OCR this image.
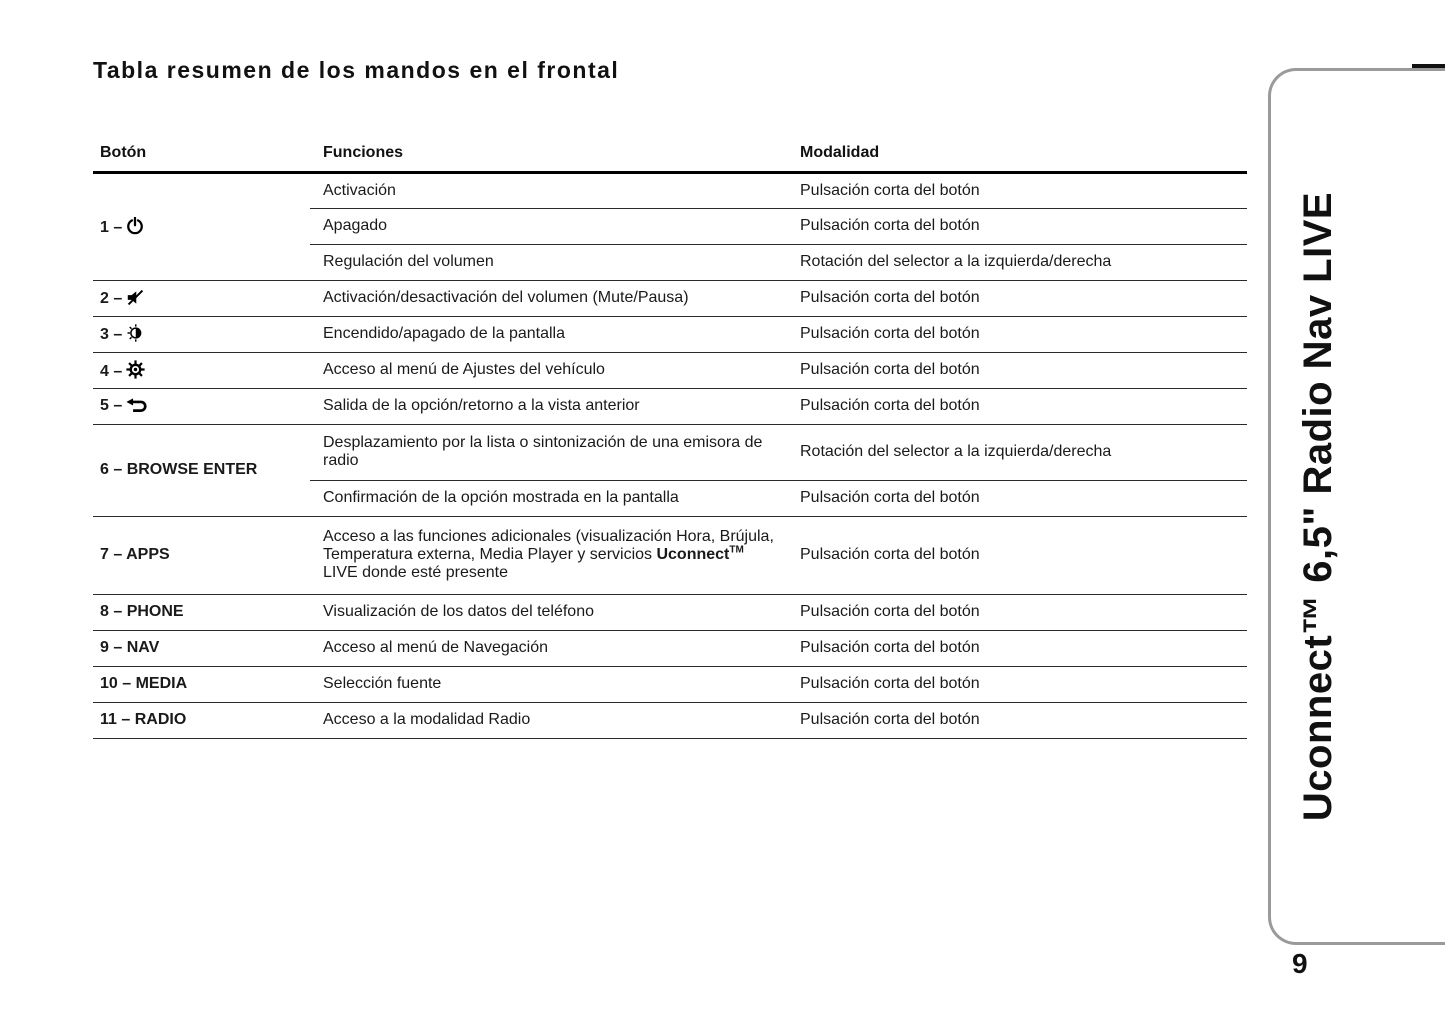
Tabla resumen de los mandos en el frontal
Botón	Funciones	Modalidad
1 –	Activación	Pulsación corta del botón
	Apagado	Pulsación corta del botón
	Regulación del volumen	Rotación del selector a la izquierda/derecha
2 –	Activación/desactivación del volumen (Mute/Pausa)	Pulsación corta del botón
3 –	Encendido/apagado de la pantalla	Pulsación corta del botón
4 –	Acceso al menú de Ajustes del vehículo	Pulsación corta del botón
5 –	Salida de la opción/retorno a la vista anterior	Pulsación corta del botón
6 – BROWSE ENTER	Desplazamiento por la lista o sintonización de una emisora de radio	Rotación del selector a la izquierda/derecha
	Confirmación de la opción mostrada en la pantalla	Pulsación corta del botón
7 – APPS	Acceso a las funciones adicionales (visualización Hora, Brújula, Temperatura externa, Media Player y servicios Uconnect™ LIVE donde esté presente	Pulsación corta del botón
8 – PHONE	Visualización de los datos del teléfono	Pulsación corta del botón
9 – NAV	Acceso al menú de Navegación	Pulsación corta del botón
10 – MEDIA	Selección fuente	Pulsación corta del botón
11 – RADIO	Acceso a la modalidad Radio	Pulsación corta del botón	Uconnect™ 6,5" Radio Nav LIVE
9
